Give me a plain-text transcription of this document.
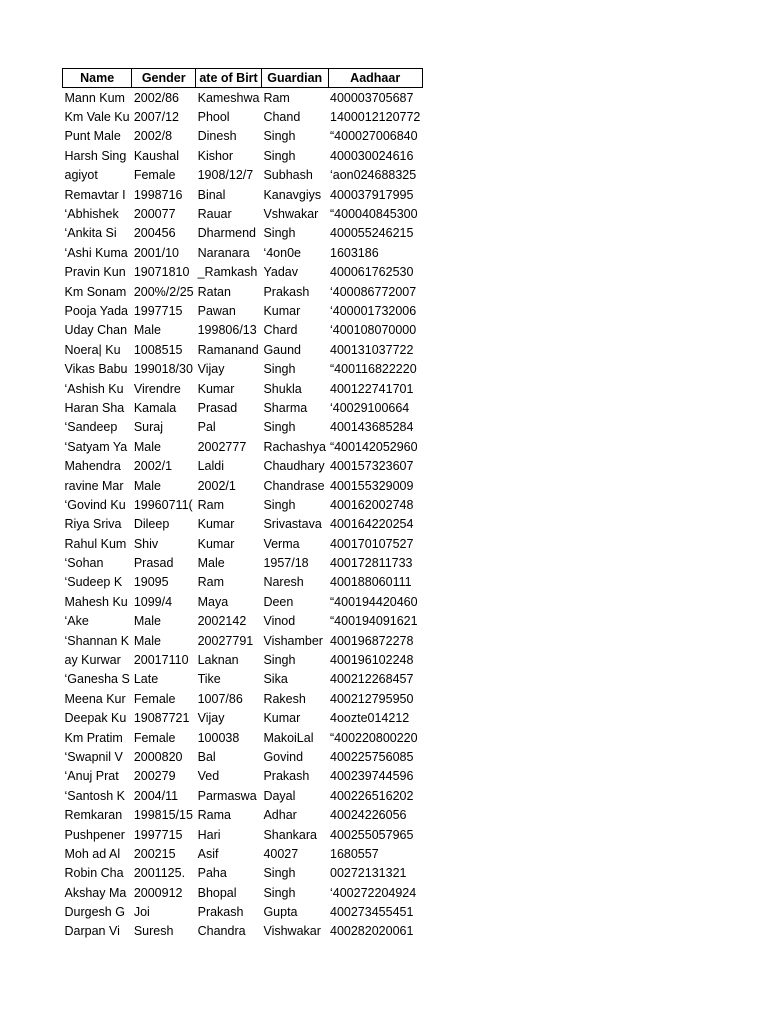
Name	Gender	ate of Birt	Guardian	Aadhaar
Mann Kum	2002/86	Kameshwa	Ram	400003705687
Km Vale Ku	2007/12	Phool	Chand	1400012120772
Punt Male	2002/8	Dinesh	Singh	“400027006840
Harsh Sing	Kaushal	Kishor	Singh	400030024616
agiyot	Female	1908/12/7	Subhash	‘aon024688325
Remavtar I	1998716	Binal	Kanavgiys	400037917995
‘Abhishek	200077	Rauar	Vshwakar	“400040845300
‘Ankita Si	200456	Dharmend	Singh	400055246215
‘Ashi Kuma	2001/10	Naranara	‘4on0e	1603186
Pravin Kun	19071810	_Ramkash	Yadav	400061762530
Km Sonam	200%/2/25	Ratan	Prakash	‘400086772007
Pooja Yada	1997715	Pawan	Kumar	‘400001732006
Uday Chan	Male	199806/13	Chard	‘400108070000
Noera| Ku	1008515	Ramanand	Gaund	400131037722
Vikas Babu	199018/30	Vijay	Singh	“400116822220
‘Ashish Ku	Virendre	Kumar	Shukla	400122741701
Haran Sha	Kamala	Prasad	Sharma	‘40029100664
‘Sandeep	Suraj	Pal	Singh	400143685284
‘Satyam Ya	Male	2002777	Rachashya	“400142052960
Mahendra	2002/1	Laldi	Chaudhary	400157323607
ravine Mar	Male	2002/1	Chandrase	400155329009
‘Govind Ku	19960711(	Ram	Singh	400162002748
Riya Sriva	Dileep	Kumar	Srivastava	400164220254
Rahul Kum	Shiv	Kumar	Verma	400170107527
‘Sohan	Prasad	Male	1957/18	400172811733
‘Sudeep K	19095	Ram	Naresh	400188060111
Mahesh Ku	1099/4	Maya	Deen	“400194420460
‘Ake	Male	2002142	Vinod	“400194091621
‘Shannan K	Male	20027791	Vishamber	400196872278
ay Kurwar	20017110	Laknan	Singh	400196102248
‘Ganesha S	Late	Tike	Sika	400212268457
Meena Kur	Female	1007/86	Rakesh	400212795950
Deepak Ku	19087721	Vijay	Kumar	4oozte014212
Km Pratim	Female	100038	MakoiLal	“400220800220
‘Swapnil V	2000820	Bal	Govind	400225756085
‘Anuj Prat	200279	Ved	Prakash	400239744596
‘Santosh K	2004/11	Parmaswa	Dayal	400226516202
Remkaran	199815/15	Rama	Adhar	40024226056
Pushpener	1997715	Hari	Shankara	400255057965
Moh ad Al	200215	Asif	40027	1680557
Robin Cha	2001125.	Paha	Singh	00272131321
Akshay Ma	2000912	Bhopal	Singh	‘400272204924
Durgesh G	Joi	Prakash	Gupta	400273455451
Darpan Vi	Suresh	Chandra	Vishwakar	400282020061
